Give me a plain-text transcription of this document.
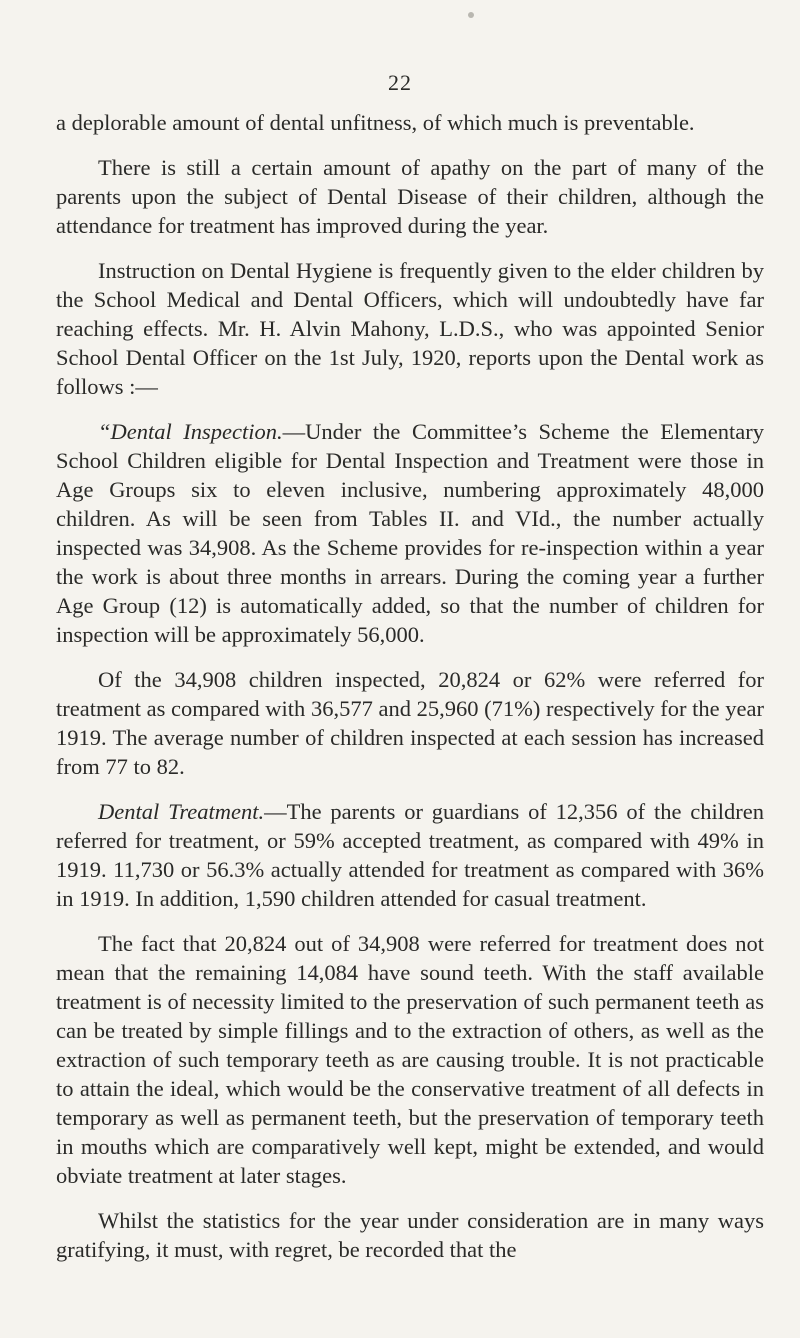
22

a deplorable amount of dental unfitness, of which much is preventable.

There is still a certain amount of apathy on the part of many of the parents upon the subject of Dental Disease of their children, although the attendance for treatment has improved during the year.

Instruction on Dental Hygiene is frequently given to the elder children by the School Medical and Dental Officers, which will undoubtedly have far reaching effects. Mr. H. Alvin Mahony, L.D.S., who was appointed Senior School Dental Officer on the 1st July, 1920, reports upon the Dental work as follows :—

“Dental Inspection.—Under the Committee’s Scheme the Elementary School Children eligible for Dental Inspection and Treatment were those in Age Groups six to eleven inclusive, numbering approximately 48,000 children. As will be seen from Tables II. and VId., the number actually inspected was 34,908. As the Scheme provides for re-inspection within a year the work is about three months in arrears. During the coming year a further Age Group (12) is automatically added, so that the number of children for inspection will be approximately 56,000.

Of the 34,908 children inspected, 20,824 or 62% were referred for treatment as compared with 36,577 and 25,960 (71%) respectively for the year 1919. The average number of children inspected at each session has increased from 77 to 82.

Dental Treatment.—The parents or guardians of 12,356 of the children referred for treatment, or 59% accepted treatment, as compared with 49% in 1919. 11,730 or 56.3% actually attended for treatment as compared with 36% in 1919. In addition, 1,590 children attended for casual treatment.

The fact that 20,824 out of 34,908 were referred for treatment does not mean that the remaining 14,084 have sound teeth. With the staff available treatment is of necessity limited to the preservation of such permanent teeth as can be treated by simple fillings and to the extraction of others, as well as the extraction of such temporary teeth as are causing trouble. It is not practicable to attain the ideal, which would be the conservative treatment of all defects in temporary as well as permanent teeth, but the preservation of temporary teeth in mouths which are comparatively well kept, might be extended, and would obviate treatment at later stages.

Whilst the statistics for the year under consideration are in many ways gratifying, it must, with regret, be recorded that the
